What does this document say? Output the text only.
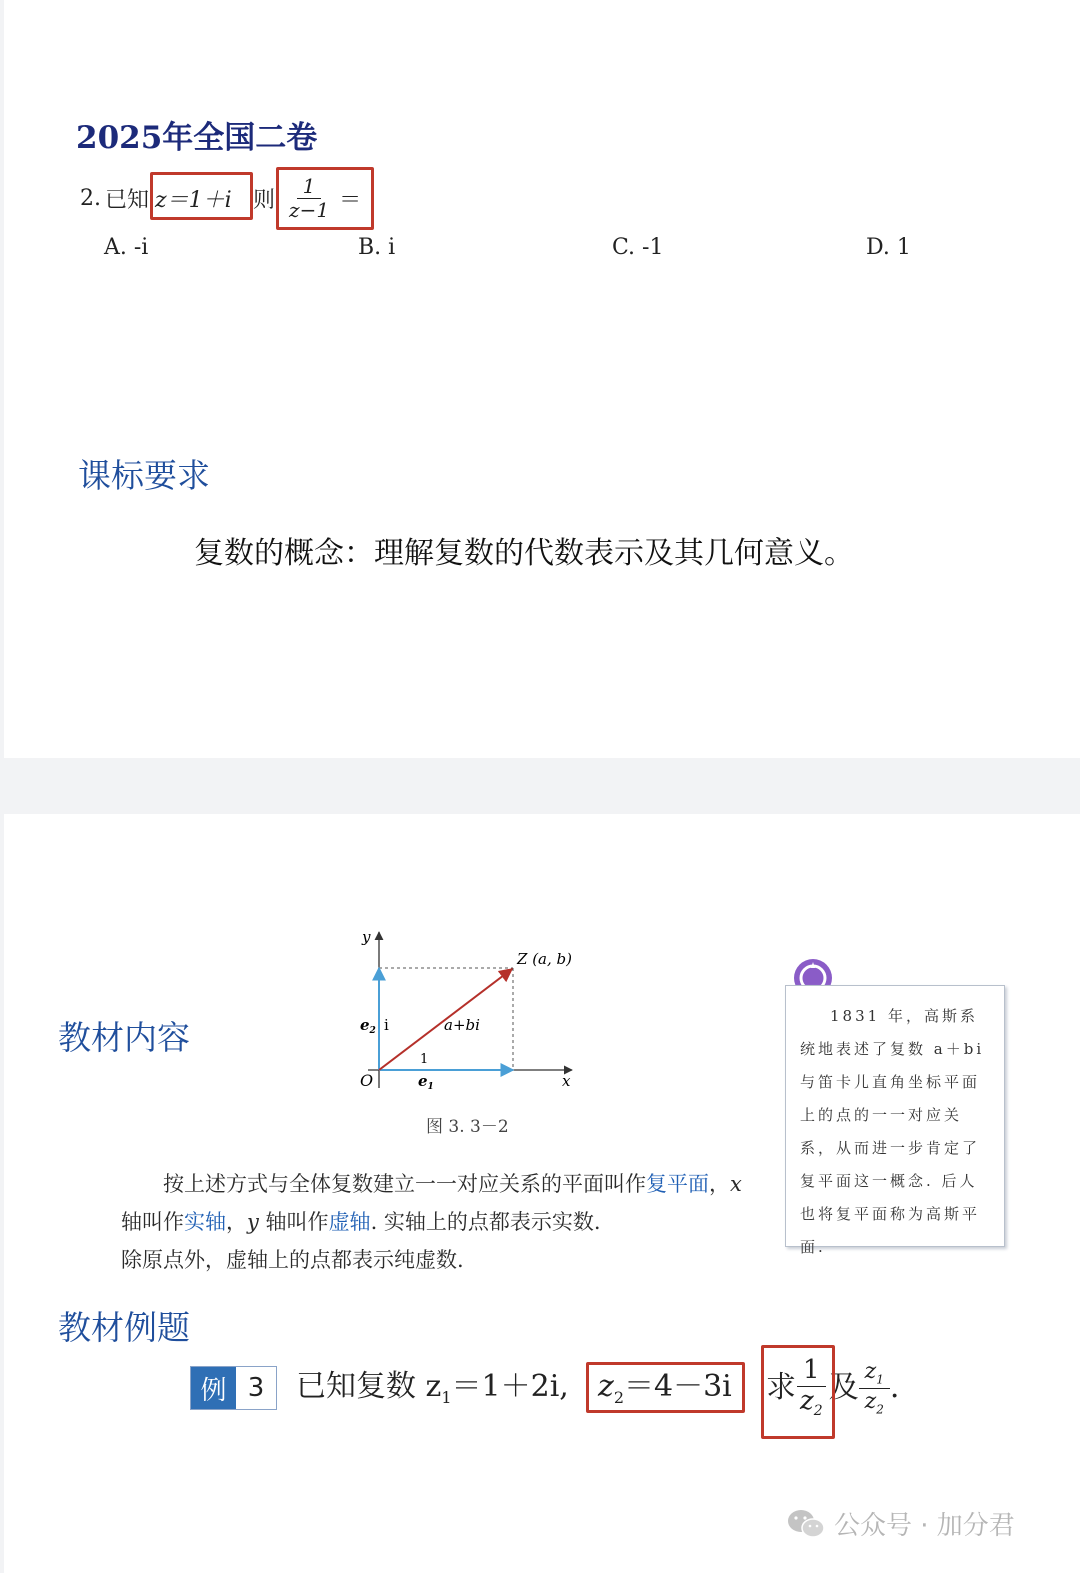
2025年全国二卷
2. 已知 z＝1＋i 则 $\frac{1}{z-1}$ ＝
A. -i	B. i	C. -1	D. 1
课标要求
复数的概念：理解复数的代数表示及其几何意义。
教材内容
y
x
O
Z (a, b)
a+bi
$e_2$ i
1
$e_1$
图 3. 3－2
1831 年，高斯系统地表述了复数 a＋bi 与笛卡儿直角坐标平面上的点的一一对应关系，从而进一步肯定了复平面这一概念. 后人也将复平面称为高斯平面.

按上述方式与全体复数建立一一对应关系的平面叫作复平面，x 轴叫作实轴，y 轴叫作虚轴. 实轴上的点都表示实数.

除原点外，虚轴上的点都表示纯虚数.

教材例题
例 3	已知复数 $z_1=1+2i$, $z_2=4-3i$ 求 $\frac{1}{z_2}$ 及 $\frac{z_1}{z_2}$ .
公众号 · 加分君
